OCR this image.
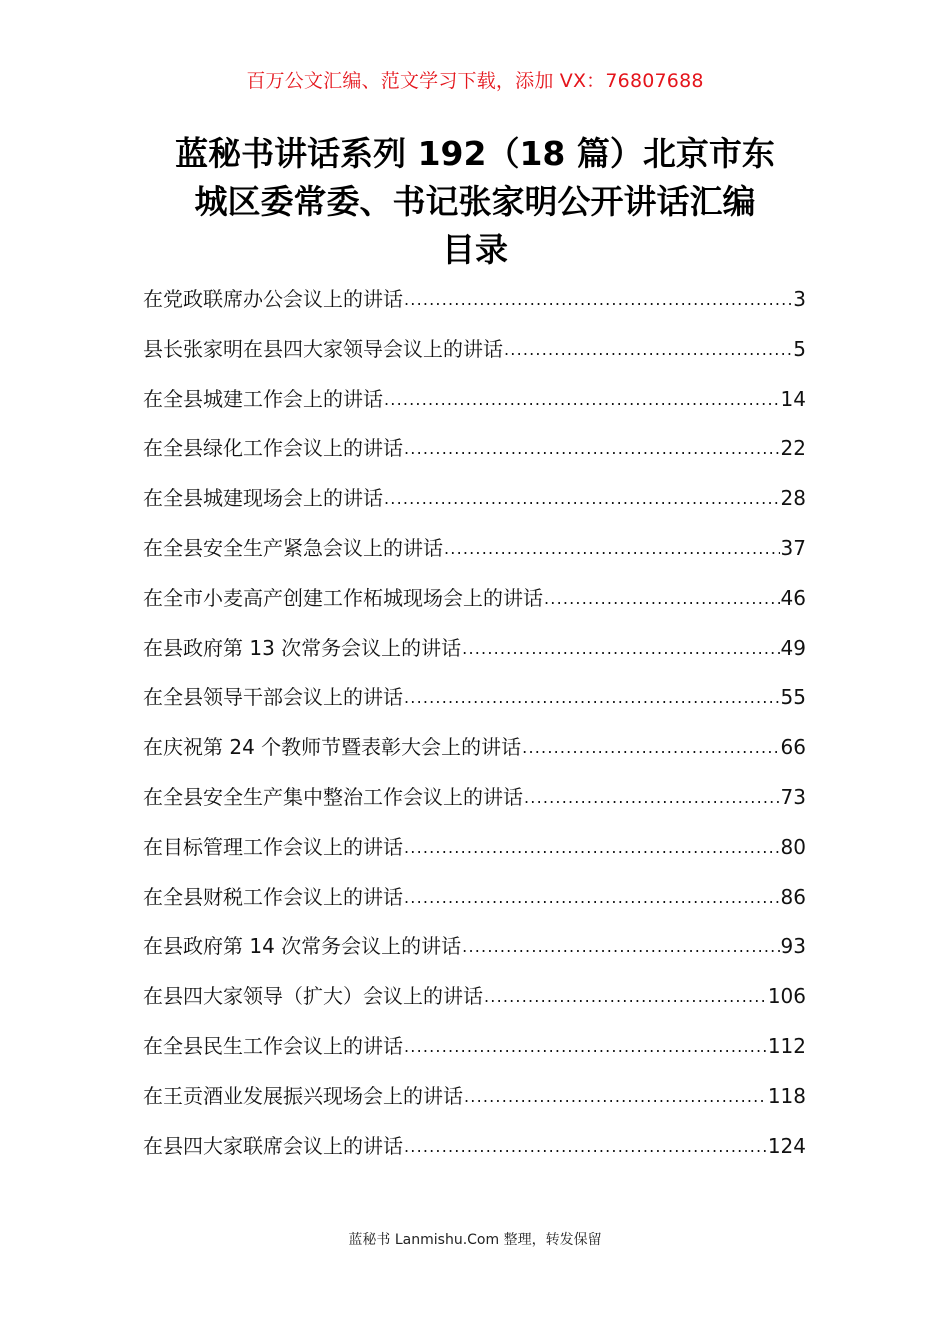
百万公文汇编、范文学习下载，添加 VX：76807688
蓝秘书讲话系列 192（18 篇）北京市东
城区委常委、书记张家明公开讲话汇编
目录
在党政联席办公会议上的讲话 .....	3
县长张家明在县四大家领导会议上的讲话 .....	5
在全县城建工作会上的讲话 .....	14
在全县绿化工作会议上的讲话 .....	22
在全县城建现场会上的讲话 .....	28
在全县安全生产紧急会议上的讲话 .....	37
在全市小麦高产创建工作柘城现场会上的讲话 .....	46
在县政府第 13 次常务会议上的讲话 .....	49
在全县领导干部会议上的讲话 .....	55
在庆祝第 24 个教师节暨表彰大会上的讲话 .....	66
在全县安全生产集中整治工作会议上的讲话 .....	73
在目标管理工作会议上的讲话 .....	80
在全县财税工作会议上的讲话 .....	86
在县政府第 14 次常务会议上的讲话 .....	93
在县四大家领导（扩大）会议上的讲话 .....	106
在全县民生工作会议上的讲话 .....	112
在王贡酒业发展振兴现场会上的讲话 .....	118
在县四大家联席会议上的讲话 .....	124
蓝秘书 Lanmishu.Com 整理，转发保留
